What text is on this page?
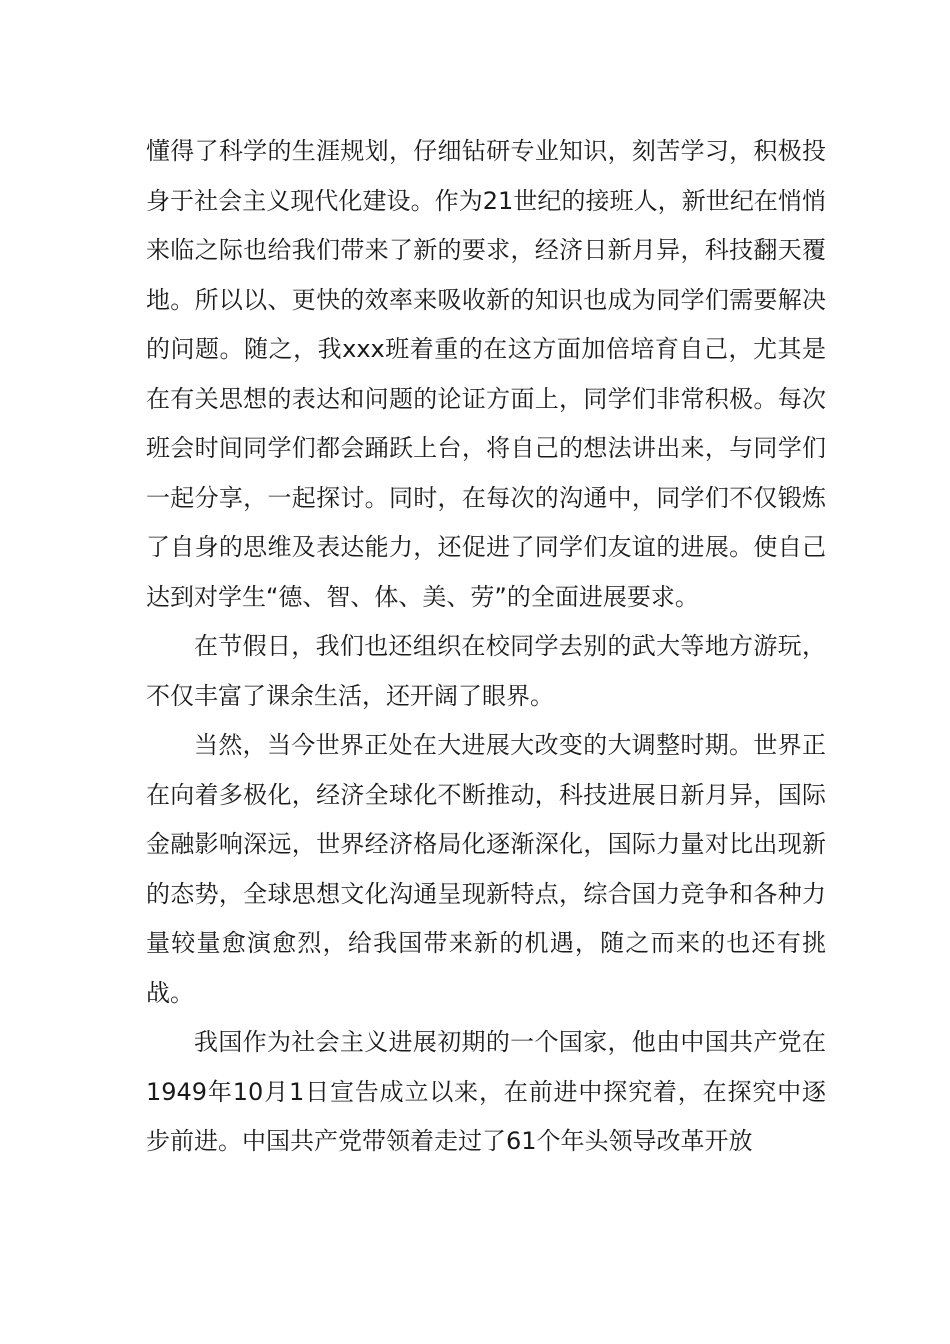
懂得了科学的生涯规划，仔细钻研专业知识，刻苦学习，积极投身于社会主义现代化建设。作为21世纪的接班人，新世纪在悄悄来临之际也给我们带来了新的要求，经济日新月异，科技翻天覆地。所以以、更快的效率来吸收新的知识也成为同学们需要解决的问题。随之，我xxx班着重的在这方面加倍培育自己，尤其是在有关思想的表达和问题的论证方面上，同学们非常积极。每次班会时间同学们都会踊跃上台，将自己的想法讲出来，与同学们一起分享，一起探讨。同时，在每次的沟通中，同学们不仅锻炼了自身的思维及表达能力，还促进了同学们友谊的进展。使自己达到对学生“德、智、体、美、劳”的全面进展要求。

在节假日，我们也还组织在校同学去别的武大等地方游玩，不仅丰富了课余生活，还开阔了眼界。

当然，当今世界正处在大进展大改变的大调整时期。世界正在向着多极化，经济全球化不断推动，科技进展日新月异，国际金融影响深远，世界经济格局化逐渐深化，国际力量对比出现新的态势，全球思想文化沟通呈现新特点，综合国力竞争和各种力量较量愈演愈烈，给我国带来新的机遇，随之而来的也还有挑战。

我国作为社会主义进展初期的一个国家，他由中国共产党在1949年10月1日宣告成立以来，在前进中探究着，在探究中逐步前进。中国共产党带领着走过了61个年头领导改革开放
